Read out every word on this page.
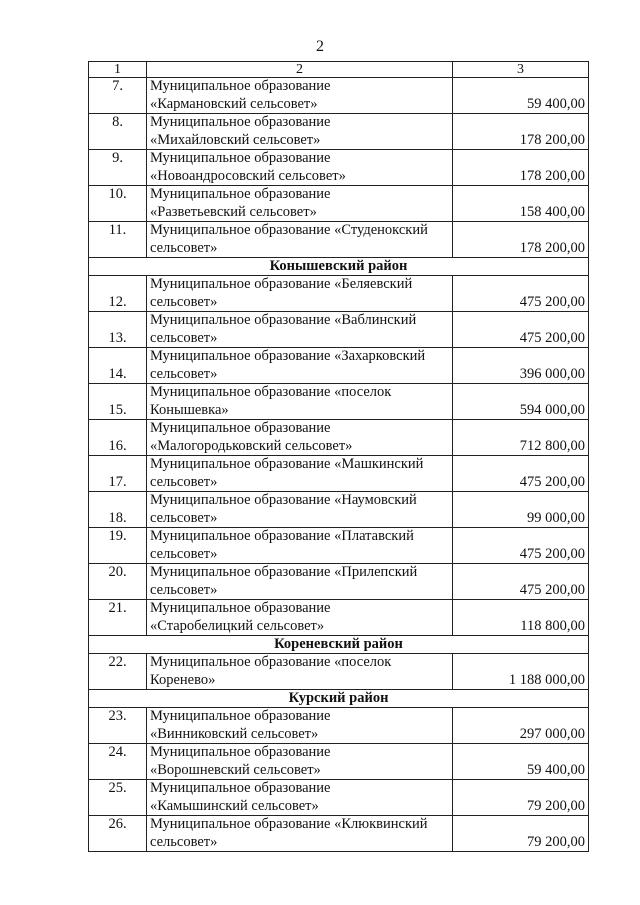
2
1	2	3
7.	Муниципальное образование
«Кармановский сельсовет»	59 400,00
8.	Муниципальное образование
«Михайловский сельсовет»	178 200,00
9.	Муниципальное образование
«Новоандросовский сельсовет»	178 200,00
10.	Муниципальное образование
«Разветьевский сельсовет»	158 400,00
11.	Муниципальное образование «Студенокский
сельсовет»	178 200,00
Конышевский район		
12.	Муниципальное образование «Беляевский
сельсовет»	475 200,00
13.	Муниципальное образование «Ваблинский
сельсовет»	475 200,00
14.	Муниципальное образование «Захарковский
сельсовет»	396 000,00
15.	Муниципальное образование «поселок
Конышевка»	594 000,00
16.	Муниципальное образование
«Малогородьковский сельсовет»	712 800,00
17.	Муниципальное образование «Машкинский
сельсовет»	475 200,00
18.	Муниципальное образование «Наумовский
сельсовет»	99 000,00
19.	Муниципальное образование «Платавский
сельсовет»	475 200,00
20.	Муниципальное образование «Прилепский
сельсовет»	475 200,00
21.	Муниципальное образование
«Старобелицкий сельсовет»	118 800,00
Кореневский район		
22.	Муниципальное образование «поселок
Коренево»	1 188 000,00
Курский район		
23.	Муниципальное образование
«Винниковский сельсовет»	297 000,00
24.	Муниципальное образование
«Ворошневский сельсовет»	59 400,00
25.	Муниципальное образование
«Камышинский сельсовет»	79 200,00
26.	Муниципальное образование «Клюквинский
сельсовет»	79 200,00
